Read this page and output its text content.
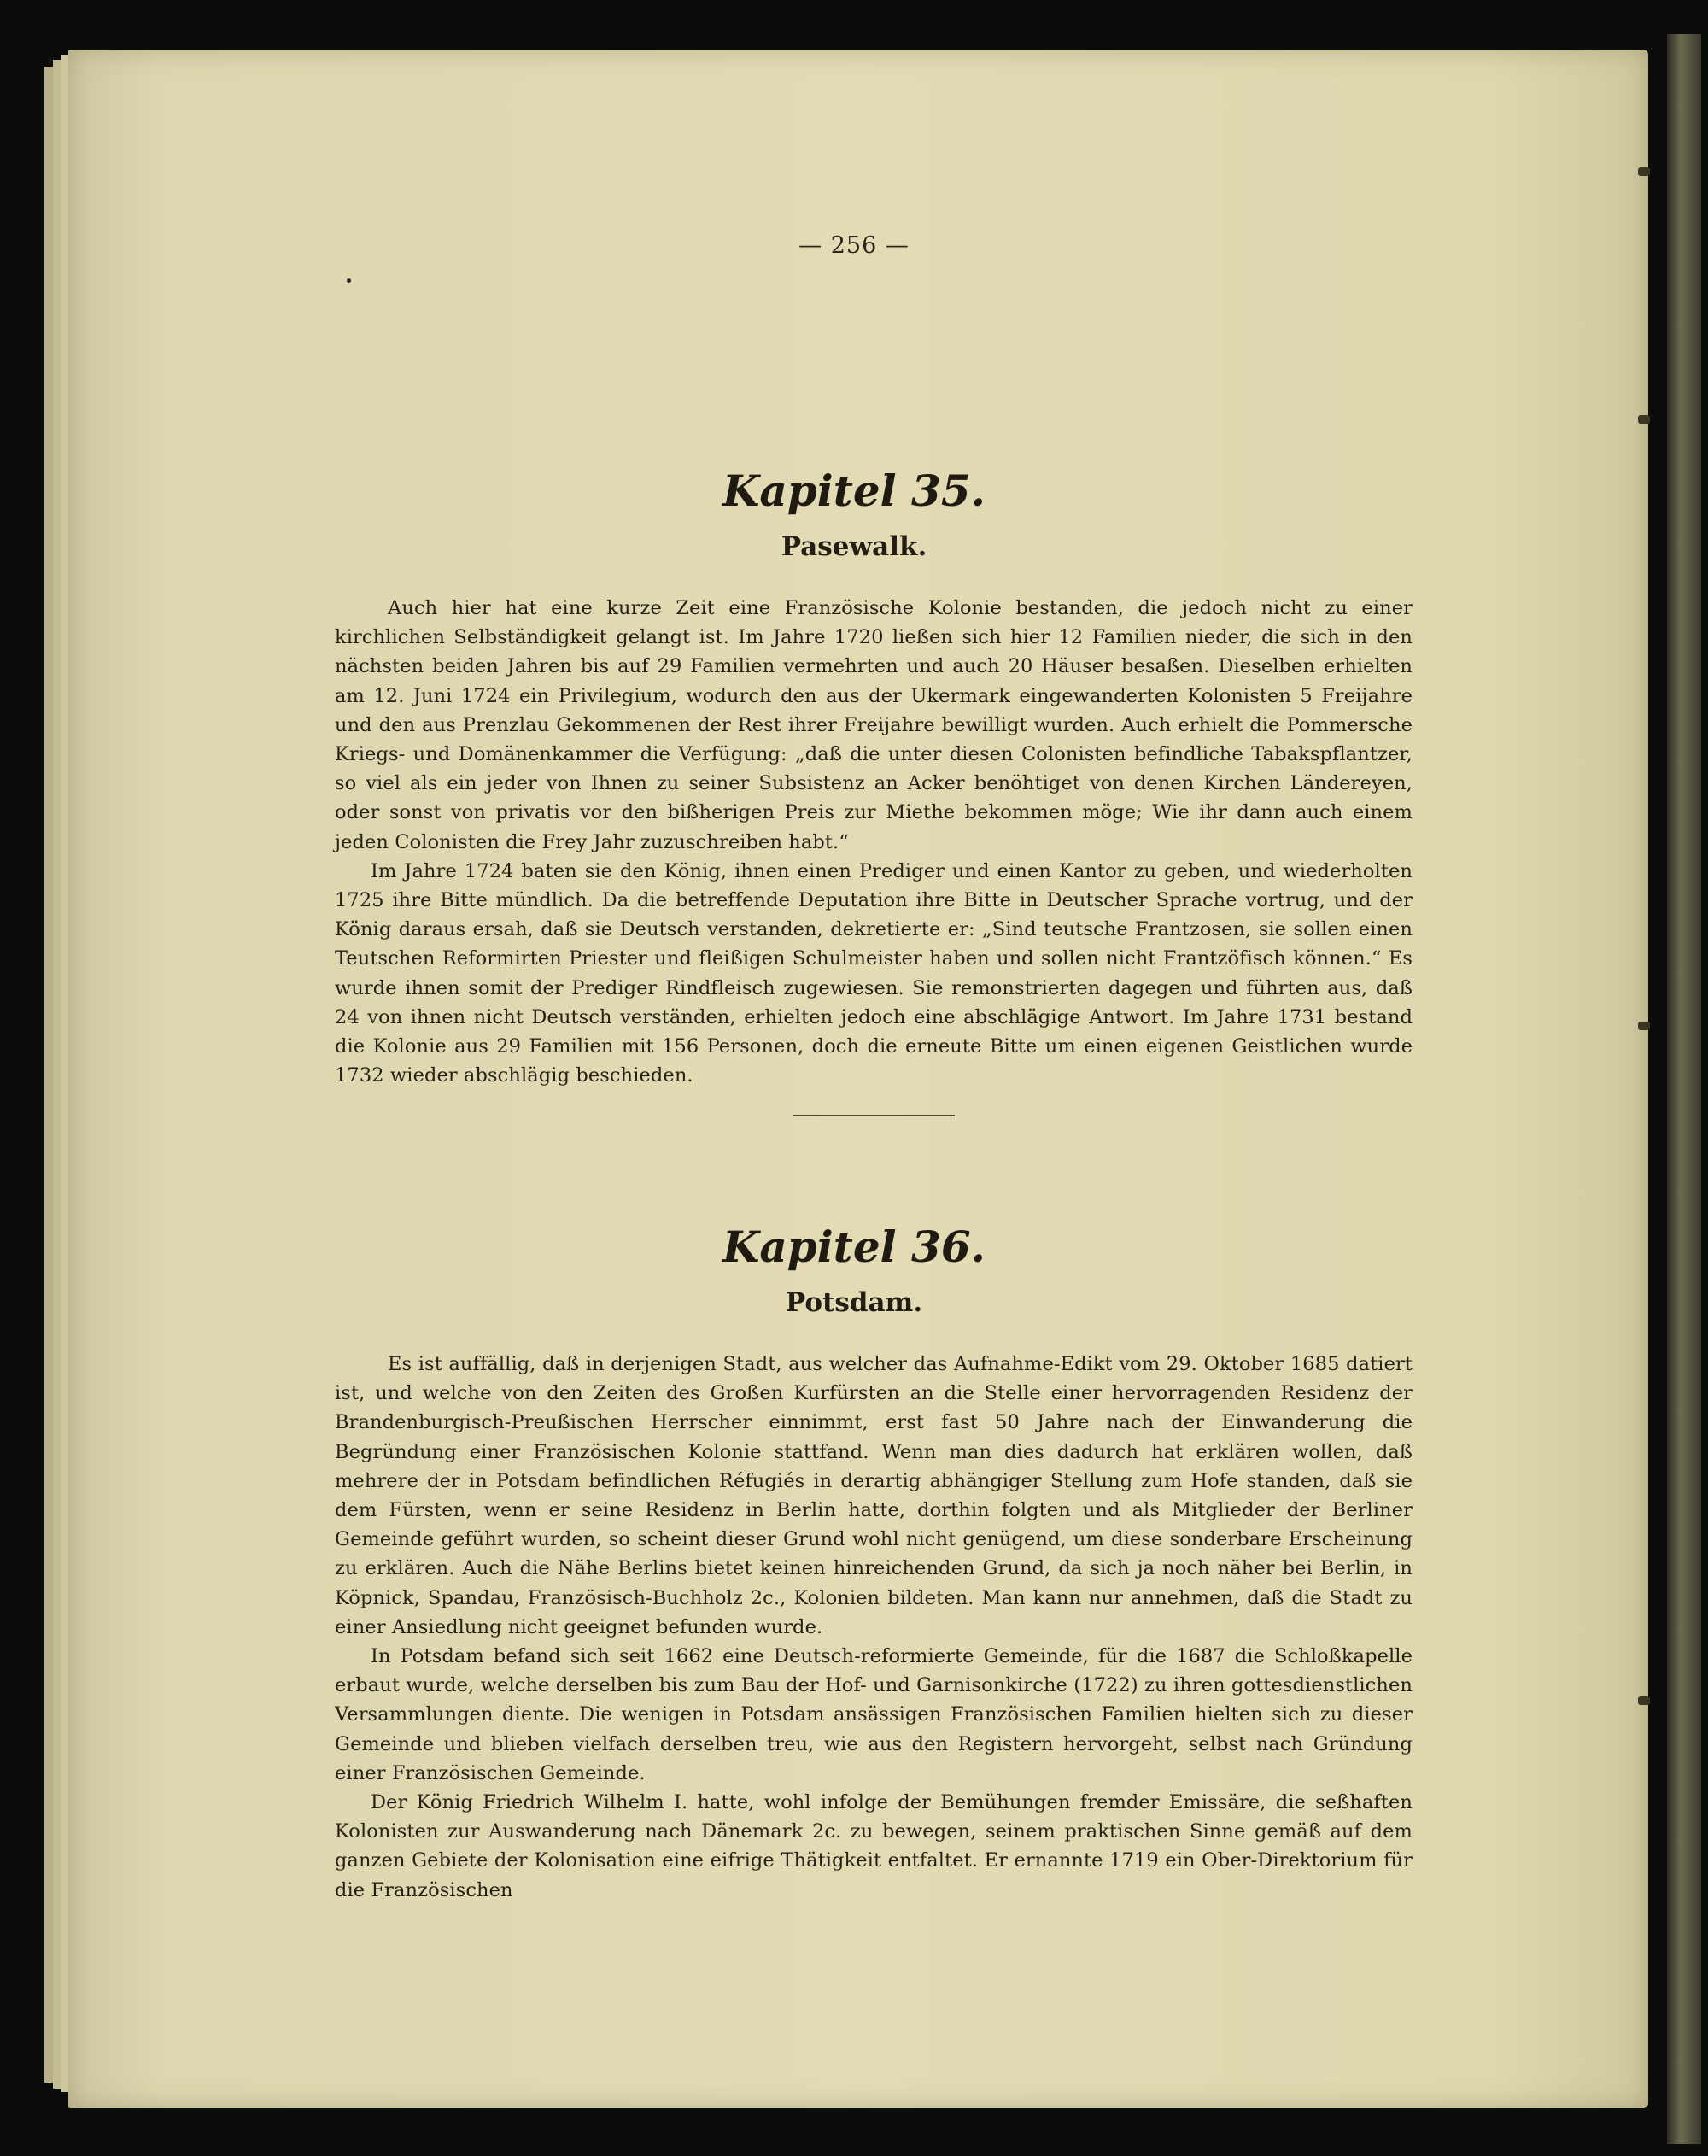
— 256 —
Kapitel 35.
Pasewalk.

Auch hier hat eine kurze Zeit eine Französische Kolonie bestanden, die jedoch nicht zu einer kirchlichen Selbständigkeit gelangt ist. Im Jahre 1720 ließen sich hier 12 Familien nieder, die sich in den nächsten beiden Jahren bis auf 29 Familien vermehrten und auch 20 Häuser besaßen. Dieselben erhielten am 12. Juni 1724 ein Privilegium, wodurch den aus der Ukermark eingewanderten Kolonisten 5 Freijahre und den aus Prenzlau Gekommenen der Rest ihrer Freijahre bewilligt wurden. Auch erhielt die Pommersche Kriegs- und Domänenkammer die Verfügung: „daß die unter diesen Colonisten befindliche Tabakspflantzer, so viel als ein jeder von Ihnen zu seiner Subsistenz an Acker benöhtiget von denen Kirchen Ländereyen, oder sonst von privatis vor den bißherigen Preis zur Miethe bekommen möge; Wie ihr dann auch einem jeden Colonisten die Frey Jahr zuzuschreiben habt.“

Im Jahre 1724 baten sie den König, ihnen einen Prediger und einen Kantor zu geben, und wiederholten 1725 ihre Bitte mündlich. Da die betreffende Deputation ihre Bitte in Deutscher Sprache vortrug, und der König daraus ersah, daß sie Deutsch verstanden, dekretierte er: „Sind teutsche Frantzosen, sie sollen einen Teutschen Reformirten Priester und fleißigen Schulmeister haben und sollen nicht Frantzöfisch können.“ Es wurde ihnen somit der Prediger Rindfleisch zugewiesen. Sie remonstrierten dagegen und führten aus, daß 24 von ihnen nicht Deutsch verständen, erhielten jedoch eine abschlägige Antwort. Im Jahre 1731 bestand die Kolonie aus 29 Familien mit 156 Personen, doch die erneute Bitte um einen eigenen Geistlichen wurde 1732 wieder abschlägig beschieden.

Kapitel 36.
Potsdam.

Es ist auffällig, daß in derjenigen Stadt, aus welcher das Aufnahme-Edikt vom 29. Oktober 1685 datiert ist, und welche von den Zeiten des Großen Kurfürsten an die Stelle einer hervorragenden Residenz der Brandenburgisch-Preußischen Herrscher einnimmt, erst fast 50 Jahre nach der Einwanderung die Begründung einer Französischen Kolonie stattfand. Wenn man dies dadurch hat erklären wollen, daß mehrere der in Potsdam befindlichen Réfugiés in derartig abhängiger Stellung zum Hofe standen, daß sie dem Fürsten, wenn er seine Residenz in Berlin hatte, dorthin folgten und als Mitglieder der Berliner Gemeinde geführt wurden, so scheint dieser Grund wohl nicht genügend, um diese sonderbare Erscheinung zu erklären. Auch die Nähe Berlins bietet keinen hinreichenden Grund, da sich ja noch näher bei Berlin, in Köpnick, Spandau, Französisch-Buchholz 2c., Kolonien bildeten. Man kann nur annehmen, daß die Stadt zu einer Ansiedlung nicht geeignet befunden wurde.

In Potsdam befand sich seit 1662 eine Deutsch-reformierte Gemeinde, für die 1687 die Schloßkapelle erbaut wurde, welche derselben bis zum Bau der Hof- und Garnisonkirche (1722) zu ihren gottesdienstlichen Versammlungen diente. Die wenigen in Potsdam ansässigen Französischen Familien hielten sich zu dieser Gemeinde und blieben vielfach derselben treu, wie aus den Registern hervorgeht, selbst nach Gründung einer Französischen Gemeinde.

Der König Friedrich Wilhelm I. hatte, wohl infolge der Bemühungen fremder Emissäre, die seßhaften Kolonisten zur Auswanderung nach Dänemark 2c. zu bewegen, seinem praktischen Sinne gemäß auf dem ganzen Gebiete der Kolonisation eine eifrige Thätigkeit entfaltet. Er ernannte 1719 ein Ober-Direktorium für die Französischen
